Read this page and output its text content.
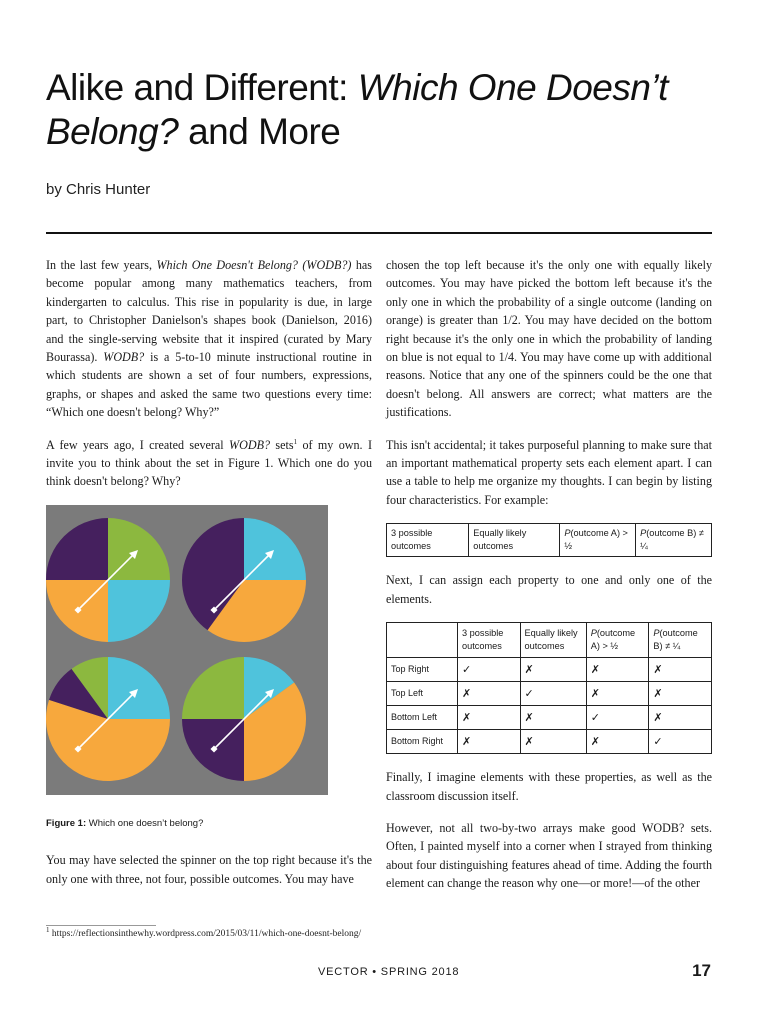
Alike and Different: Which One Doesn’t Belong? and More
by Chris Hunter

In the last few years, Which One Doesn't Belong? (WODB?) has become popular among many mathematics teachers, from kindergarten to calculus. This rise in popularity is due, in large part, to Christopher Danielson's shapes book (Danielson, 2016) and the single-serving website that it inspired (curated by Mary Bourassa). WODB? is a 5-to-10 minute instructional routine in which students are shown a set of four numbers, expressions, graphs, or shapes and asked the same two questions every time: “Which one doesn't belong? Why?”

A few years ago, I created several WODB? sets$^1$ of my own. I invite you to think about the set in Figure 1. Which one do you think doesn't belong? Why?

Figure 1: Which one doesn’t belong?

You may have selected the spinner on the top right because it's the only one with three, not four, possible outcomes. You may have

chosen the top left because it's the only one with equally likely outcomes. You may have picked the bottom left because it's the only one in which the probability of a single outcome (landing on orange) is greater than 1/2. You may have decided on the bottom right because it's the only one in which the probability of landing on blue is not equal to 1/4. You may have come up with additional reasons. Notice that any one of the spinners could be the one that doesn't belong. All answers are correct; what matters are the justifications.

This isn't accidental; it takes purposeful planning to make sure that an important mathematical property sets each element apart. I can use a table to help me organize my thoughts. I can begin by listing four characteristics. For example:

3 possible outcomes	Equally likely outcomes	P(outcome A) > ½	P(outcome B) ≠ ¼

Next, I can assign each property to one and only one of the elements.

	3 possible outcomes	Equally likely outcomes	P(outcome A) > ½	P(outcome B) ≠ ¼
Top Right	✓	✗	✗	✗
Top Left	✗	✓	✗	✗
Bottom Left	✗	✗	✓	✗
Bottom Right	✗	✗	✗	✓

Finally, I imagine elements with these properties, as well as the classroom discussion itself.

However, not all two-by-two arrays make good WODB? sets. Often, I painted myself into a corner when I strayed from thinking about four distinguishing features ahead of time. Adding the fourth element can change the reason why one—or more!—of the other

$^1$ https://reflectionsinthewhy.wordpress.com/2015/03/11/which-one-doesnt-belong/
VECTOR • SPRING 2018	17
